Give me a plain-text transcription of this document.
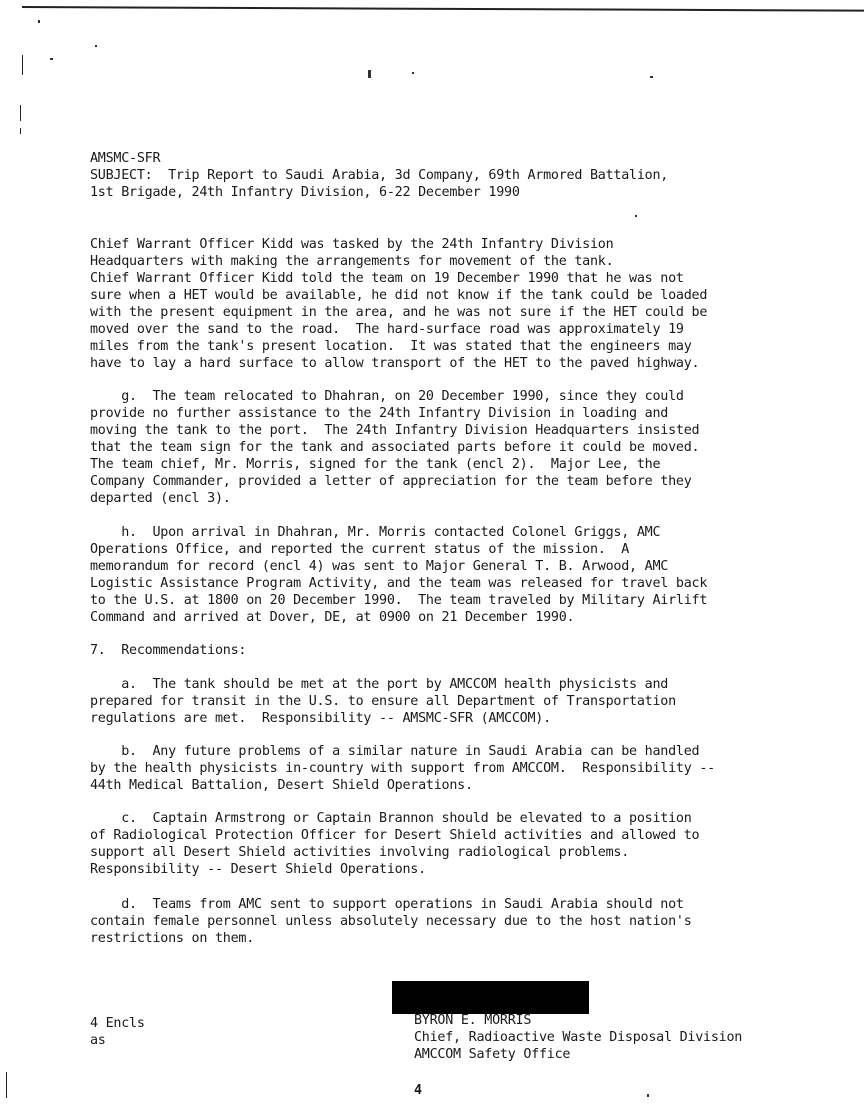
AMSMC-SFR
SUBJECT:  Trip Report to Saudi Arabia, 3d Company, 69th Armored Battalion,
1st Brigade, 24th Infantry Division, 6-22 December 1990
Chief Warrant Officer Kidd was tasked by the 24th Infantry Division
Headquarters with making the arrangements for movement of the tank.
Chief Warrant Officer Kidd told the team on 19 December 1990 that he was not
sure when a HET would be available, he did not know if the tank could be loaded
with the present equipment in the area, and he was not sure if the HET could be
moved over the sand to the road.  The hard-surface road was approximately 19
miles from the tank's present location.  It was stated that the engineers may
have to lay a hard surface to allow transport of the HET to the paved highway.
g.  The team relocated to Dhahran, on 20 December 1990, since they could
provide no further assistance to the 24th Infantry Division in loading and
moving the tank to the port.  The 24th Infantry Division Headquarters insisted
that the team sign for the tank and associated parts before it could be moved.
The team chief, Mr. Morris, signed for the tank (encl 2).  Major Lee, the
Company Commander, provided a letter of appreciation for the team before they
departed (encl 3).
h.  Upon arrival in Dhahran, Mr. Morris contacted Colonel Griggs, AMC
Operations Office, and reported the current status of the mission.  A
memorandum for record (encl 4) was sent to Major General T. B. Arwood, AMC
Logistic Assistance Program Activity, and the team was released for travel back
to the U.S. at 1800 on 20 December 1990.  The team traveled by Military Airlift
Command and arrived at Dover, DE, at 0900 on 21 December 1990.
7.  Recommendations:
a.  The tank should be met at the port by AMCCOM health physicists and
prepared for transit in the U.S. to ensure all Department of Transportation
regulations are met.  Responsibility -- AMSMC-SFR (AMCCOM).
b.  Any future problems of a similar nature in Saudi Arabia can be handled
by the health physicists in-country with support from AMCCOM.  Responsibility --
44th Medical Battalion, Desert Shield Operations.
c.  Captain Armstrong or Captain Brannon should be elevated to a position
of Radiological Protection Officer for Desert Shield activities and allowed to
support all Desert Shield activities involving radiological problems.
Responsibility -- Desert Shield Operations.
d.  Teams from AMC sent to support operations in Saudi Arabia should not
contain female personnel unless absolutely necessary due to the host nation's
restrictions on them.
4 Encls
as
BYRON E. MORRIS
Chief, Radioactive Waste Disposal Division
AMCCOM Safety Office
4
